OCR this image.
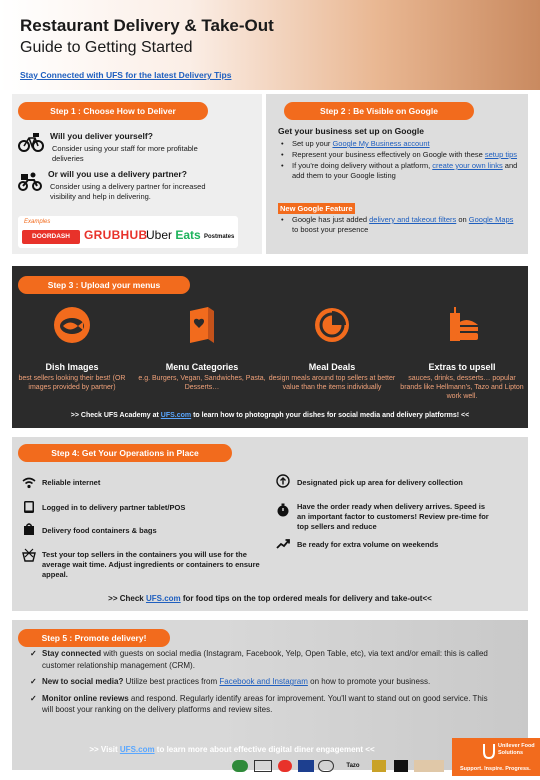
Restaurant Delivery & Take-Out
Guide to Getting Started
Stay Connected with UFS for the latest Delivery Tips
Step 1 : Choose How to Deliver
Will you deliver yourself?
Consider using your staff for more profitable deliveries
Or will you use a delivery partner?
Consider using a delivery partner for increased visibility and help in delivering.
Examples
DOORDASH	GRUBHUB
Uber Eats Postmates
Step 2 : Be Visible on Google
Get your business set up on Google
• Set up your Google My Business account
• Represent your business effectively on Google with these setup tips
• If you're doing delivery without a platform, create your own links and add them to your Google listing
New Google Feature
• Google has just added delivery and takeout filters on Google Maps to boost your presence
Step 3 : Upload your menus
Dish Images
best sellers looking their best! (OR images provided by partner)
Menu Categories
e.g. Burgers, Vegan, Sandwiches, Pasta, Desserts…
Meal Deals
design meals around top sellers at better value than the items individually
Extras to upsell
sauces, drinks, desserts… popular brands like Hellmann's, Tazo and Lipton work well.
>> Check UFS Academy at UFS.com to learn how to photograph your dishes for social media and delivery platforms! <<
Step 4: Get Your Operations in Place
Reliable internet
Logged in to delivery partner tablet/POS
Delivery food containers & bags
Test your top sellers in the containers you will use for the average wait time. Adjust ingredients or containers to ensure appeal.
Designated pick up area for delivery collection
Have the order ready when delivery arrives. Speed is an important factor to customers! Review pre-time for top sellers and reduce
Be ready for extra volume on weekends
>> Check UFS.com for food tips on the top ordered meals for delivery and take-out<<
Step 5 : Promote delivery!
✓ Stay connected with guests on social media (Instagram, Facebook, Yelp, Open Table, etc), via text and/or email: this is called customer relationship management (CRM).
✓ New to social media? Utilize best practices from Facebook and Instagram on how to promote your business.
✓ Monitor online reviews and respond. Regularly identify areas for improvement. You'll want to stand out on good service. This will boost your ranking on the delivery platforms and review sites.
>> Visit UFS.com to learn more about effective digital diner engagement <<
Tazo
Unilever Food Solutions
Support. Inspire. Progress.
